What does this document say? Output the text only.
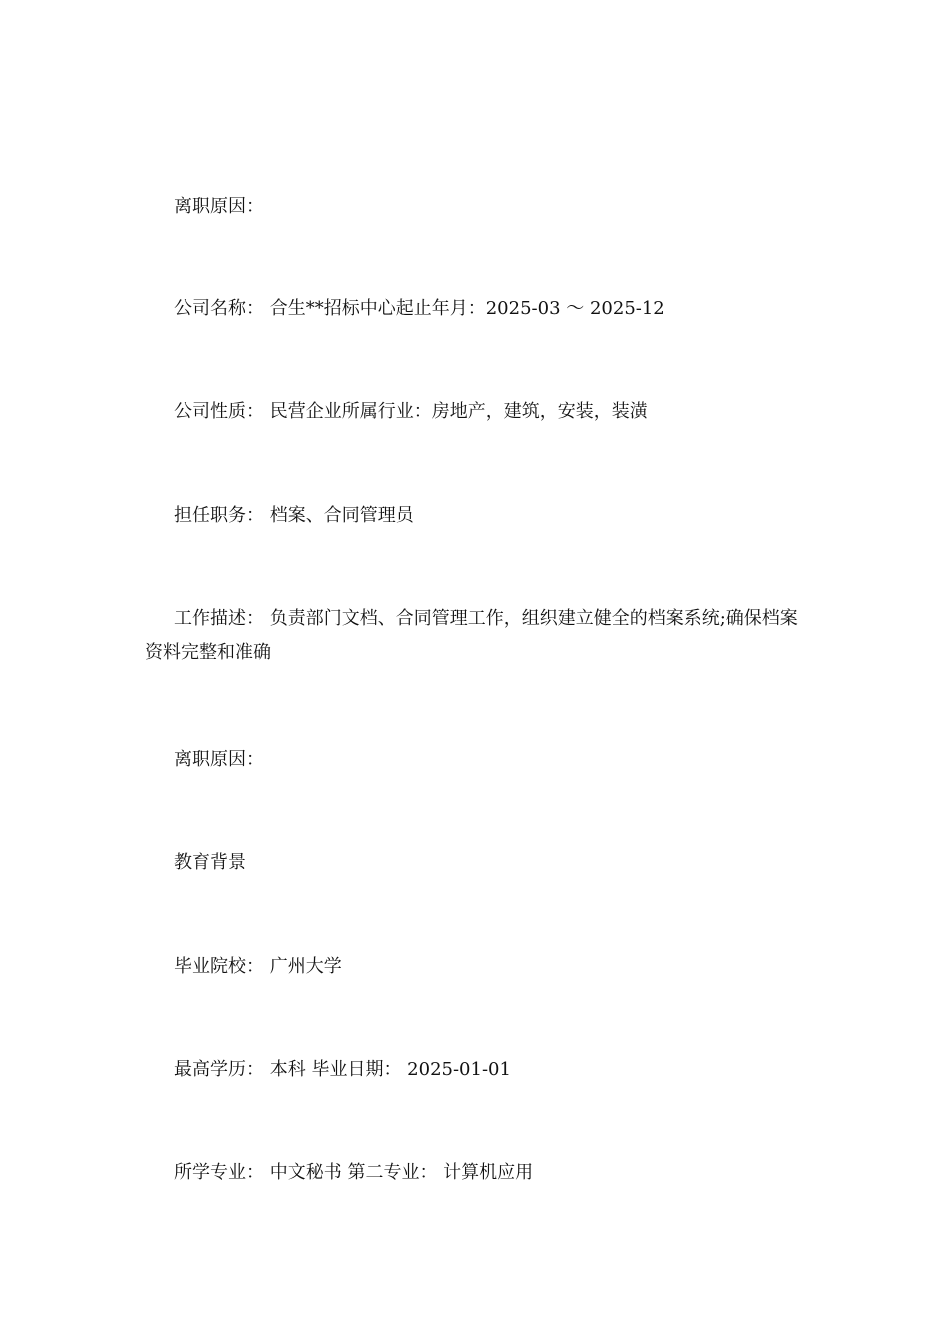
离职原因：
公司名称： 合生**招标中心起止年月：2025-03 ～ 2025-12
公司性质： 民营企业所属行业：房地产，建筑，安装，装潢
担任职务： 档案、合同管理员
工作描述： 负责部门文档、合同管理工作，组织建立健全的档案系统;确保档案资料完整和准确
离职原因：
教育背景
毕业院校： 广州大学
最高学历： 本科 毕业日期： 2025-01-01
所学专业： 中文秘书 第二专业： 计算机应用
